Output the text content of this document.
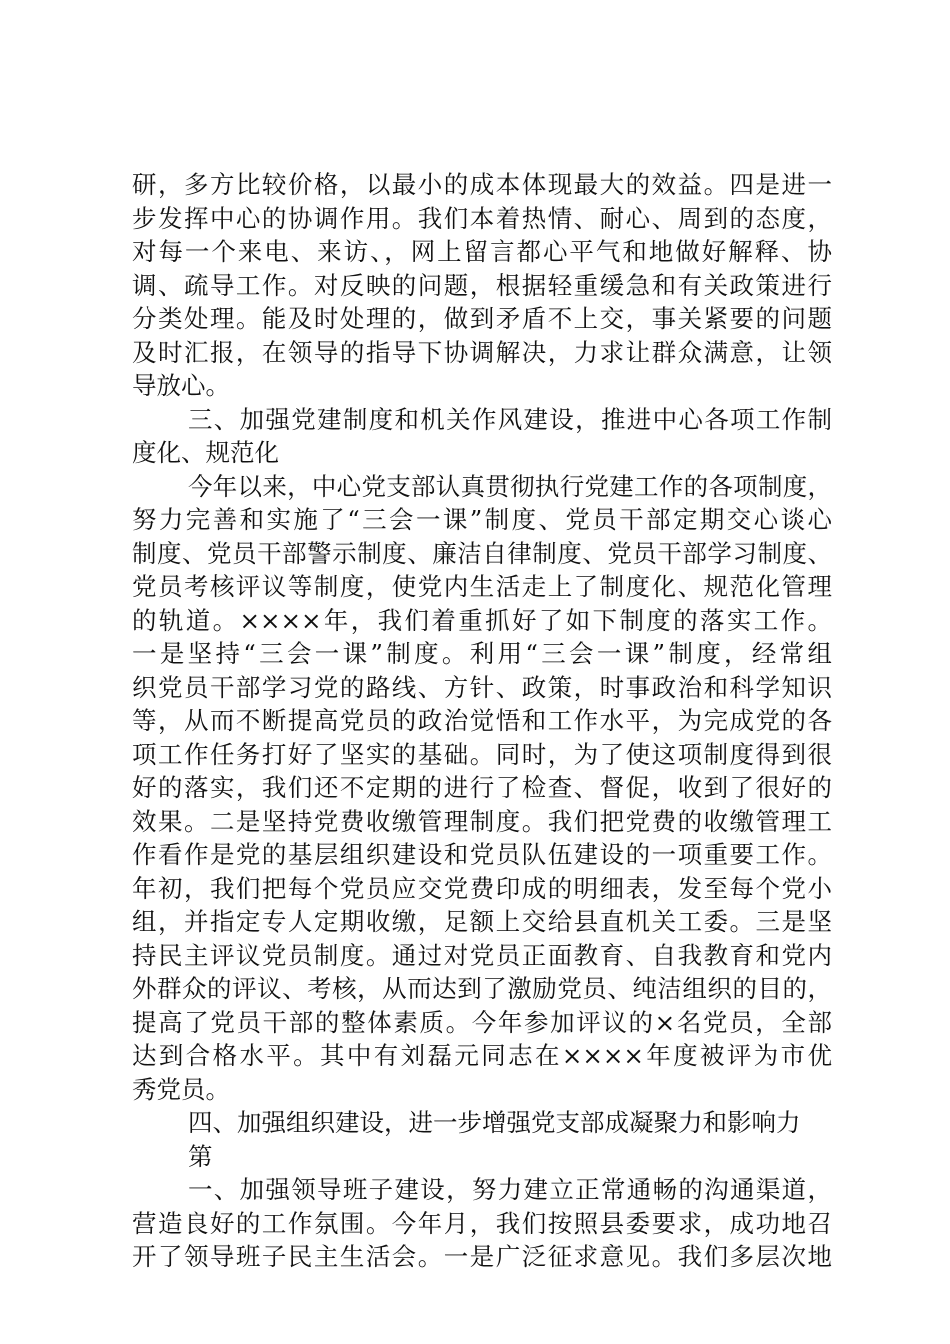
研，多方比较价格，以最小的成本体现最大的效益。四是进一
步发挥中心的协调作用。我们本着热情、耐心、周到的态度，
对每一个来电、来访、，网上留言都心平气和地做好解释、协
调、疏导工作。对反映的问题，根据轻重缓急和有关政策进行
分类处理。能及时处理的，做到矛盾不上交，事关紧要的问题
及时汇报，在领导的指导下协调解决，力求让群众满意，让领
导放心。
三、加强党建制度和机关作风建设，推进中心各项工作制
度化、规范化
今年以来，中心党支部认真贯彻执行党建工作的各项制度，
努力完善和实施了“三会一课”制度、党员干部定期交心谈心
制度、党员干部警示制度、廉洁自律制度、党员干部学习制度、
党员考核评议等制度，使党内生活走上了制度化、规范化管理
的轨道。××××年，我们着重抓好了如下制度的落实工作。
一是坚持“三会一课”制度。利用“三会一课”制度，经常组
织党员干部学习党的路线、方针、政策，时事政治和科学知识
等，从而不断提高党员的政治觉悟和工作水平，为完成党的各
项工作任务打好了坚实的基础。同时，为了使这项制度得到很
好的落实，我们还不定期的进行了检查、督促，收到了很好的
效果。二是坚持党费收缴管理制度。我们把党费的收缴管理工
作看作是党的基层组织建设和党员队伍建设的一项重要工作。
年初，我们把每个党员应交党费印成的明细表，发至每个党小
组，并指定专人定期收缴，足额上交给县直机关工委。三是坚
持民主评议党员制度。通过对党员正面教育、自我教育和党内
外群众的评议、考核，从而达到了激励党员、纯洁组织的目的，
提高了党员干部的整体素质。今年参加评议的×名党员，全部
达到合格水平。其中有刘磊元同志在××××年度被评为市优
秀党员。
四、加强组织建设，进一步增强党支部成凝聚力和影响力
第
一、加强领导班子建设，努力建立正常通畅的沟通渠道，
营造良好的工作氛围。今年月，我们按照县委要求，成功地召
开了领导班子民主生活会。一是广泛征求意见。我们多层次地
